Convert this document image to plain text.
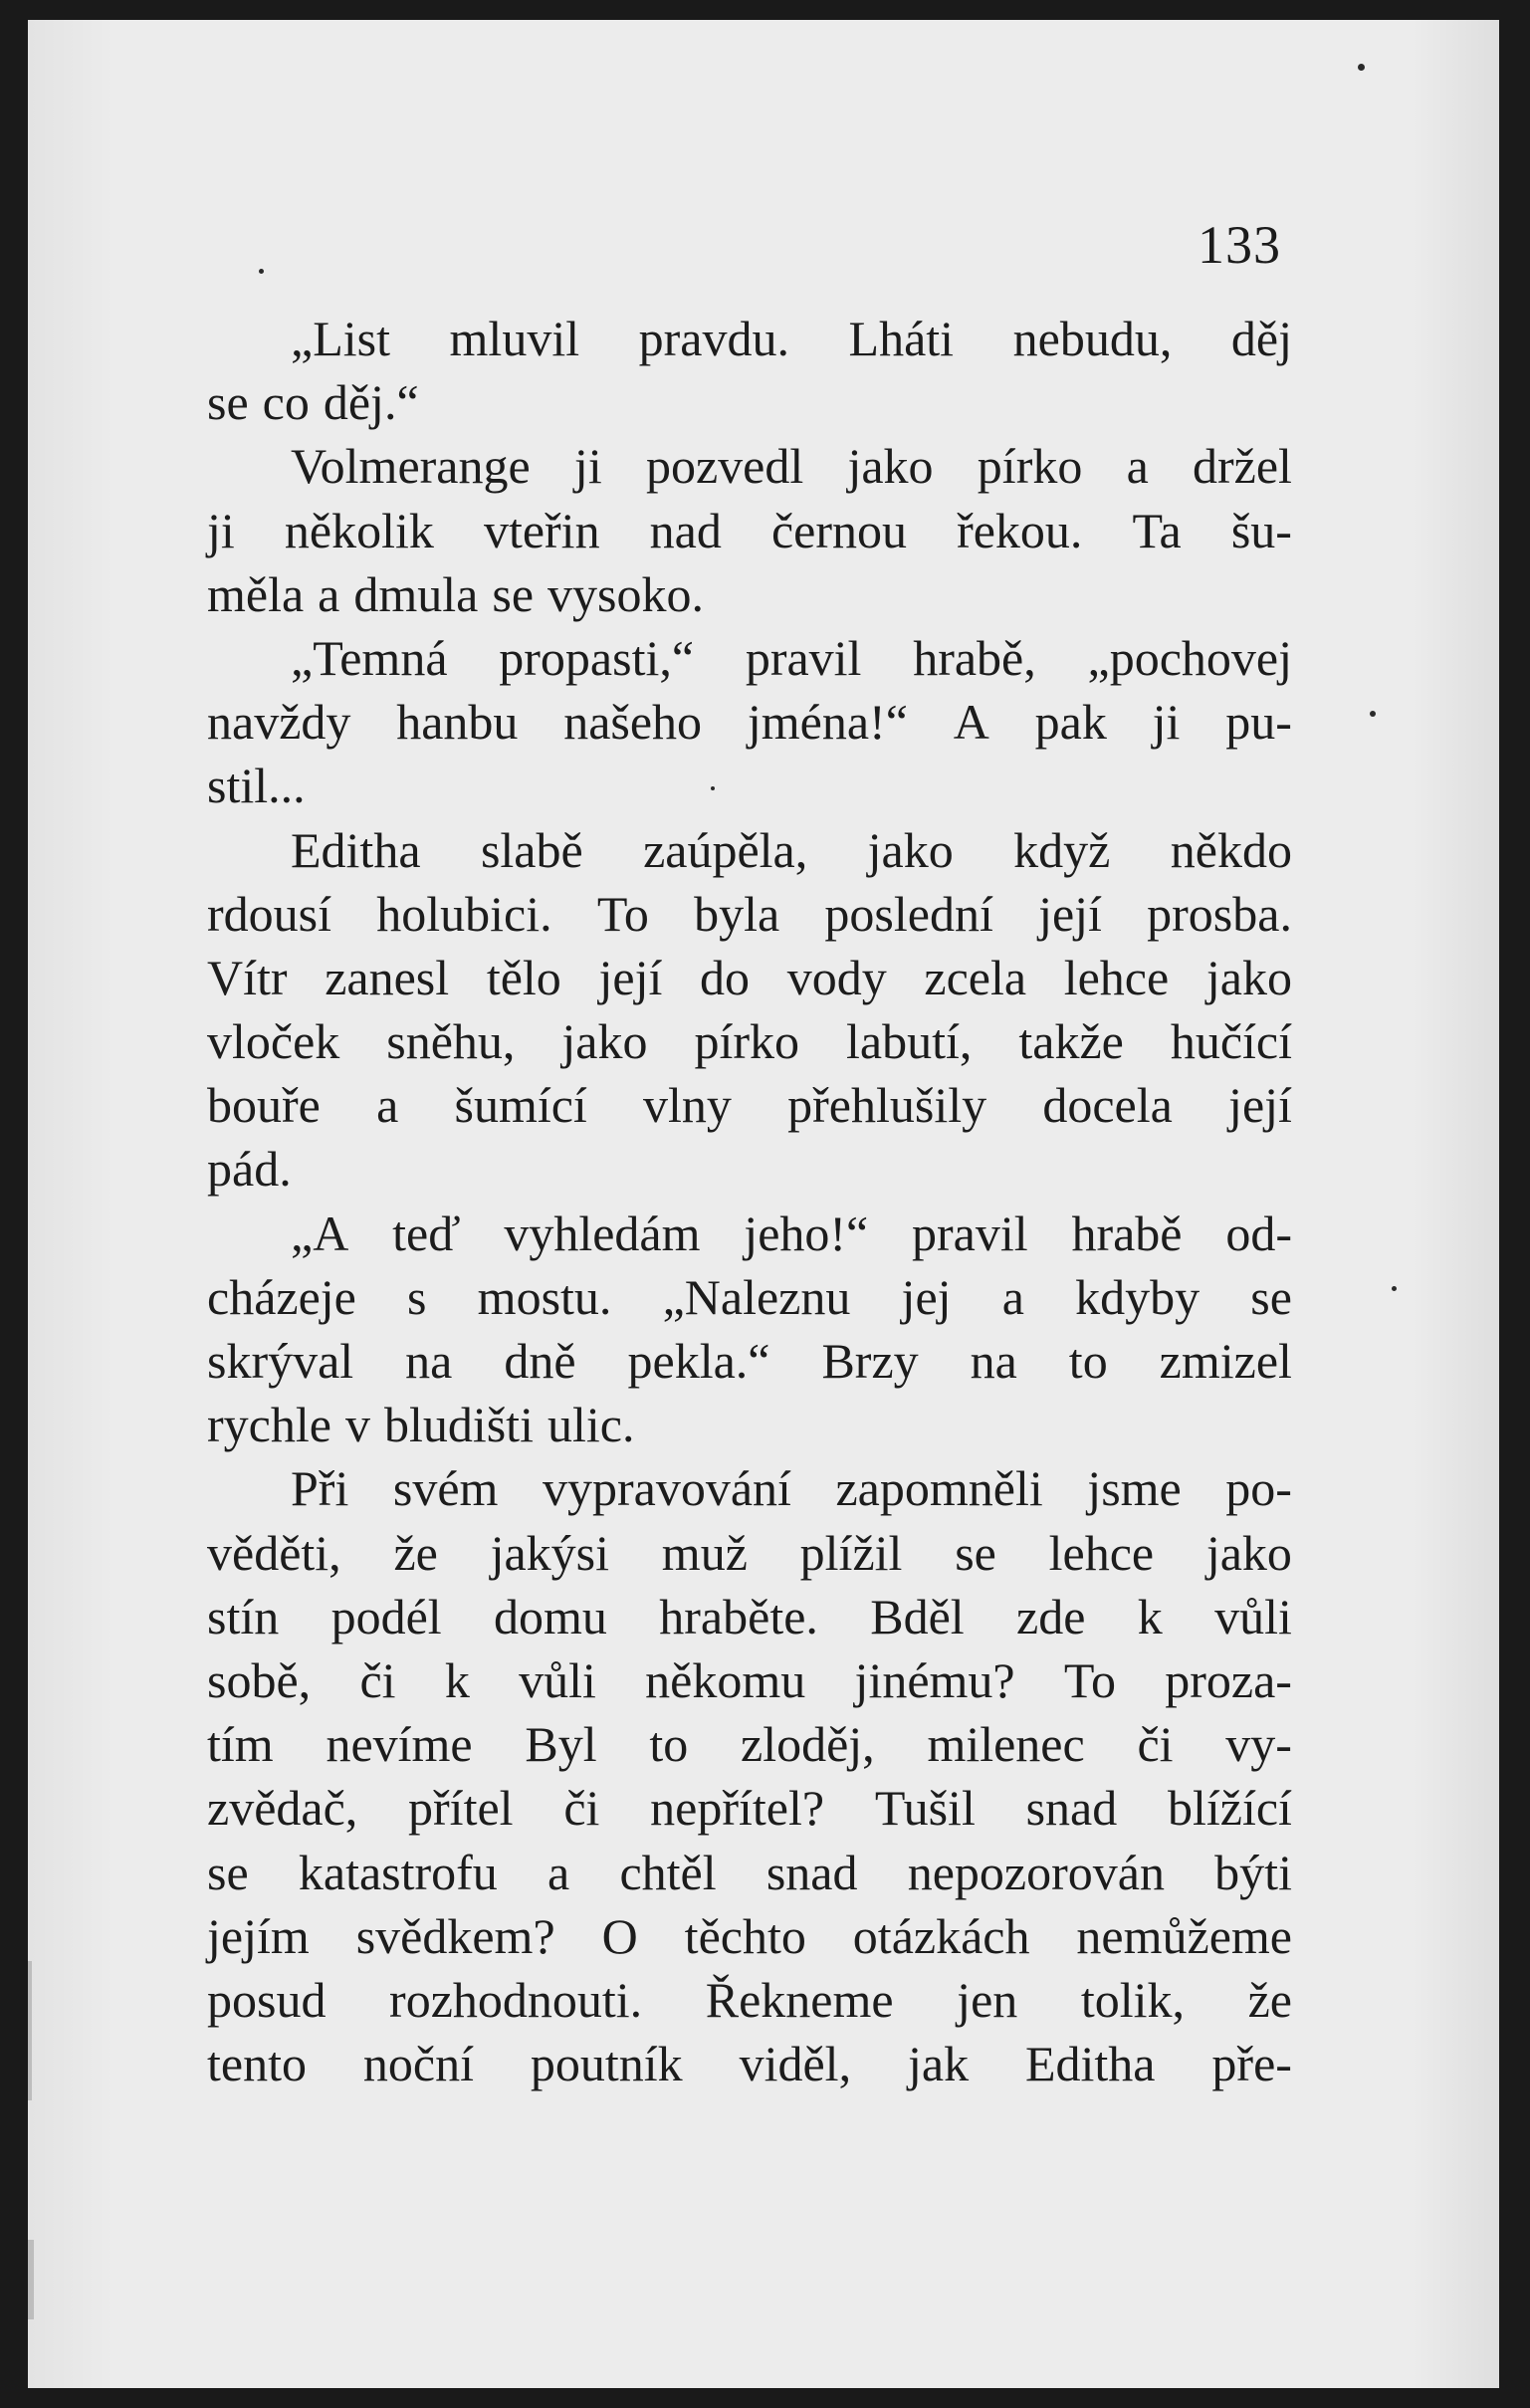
133
„List mluvil pravdu. Lháti nebudu, děj
se co děj.“
Volmerange ji pozvedl jako pírko a držel
ji několik vteřin nad černou řekou. Ta šu-
měla a dmula se vysoko.
„Temná propasti,“ pravil hrabě, „pochovej
navždy hanbu našeho jména!“ A pak ji pu-
stil...
Editha slabě zaúpěla, jako když někdo
rdousí holubici. To byla poslední její prosba.
Vítr zanesl tělo její do vody zcela lehce jako
vloček sněhu, jako pírko labutí, takže hučící
bouře a šumící vlny přehlušily docela její
pád.
„A teď vyhledám jeho!“ pravil hrabě od-
cházeje s mostu. „Naleznu jej a kdyby se
skrýval na dně pekla.“ Brzy na to zmizel
rychle v bludišti ulic.
Při svém vypravování zapomněli jsme po-
věděti, že jakýsi muž plížil se lehce jako
stín podél domu hraběte. Bděl zde k vůli
sobě, či k vůli někomu jinému? To proza-
tím nevíme Byl to zloděj, milenec či vy-
zvědač, přítel či nepřítel? Tušil snad blížící
se katastrofu a chtěl snad nepozorován býti
jejím svědkem? O těchto otázkách nemůžeme
posud rozhodnouti. Řekneme jen tolik, že
tento noční poutník viděl, jak Editha pře-
